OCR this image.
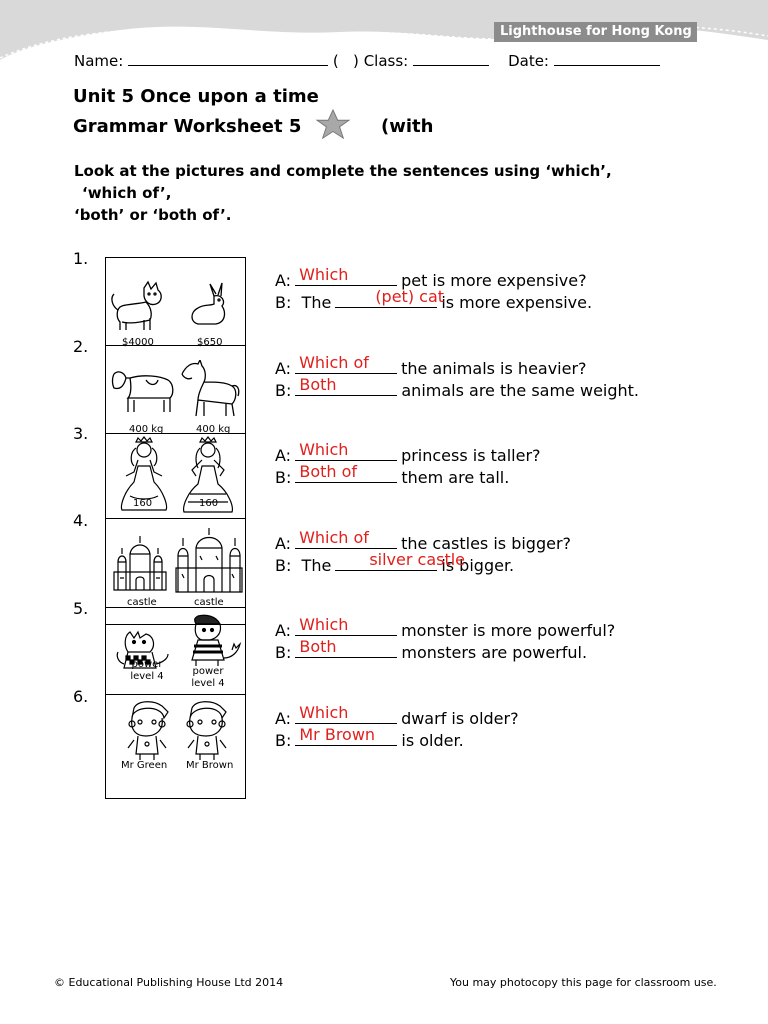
Lighthouse for Hong Kong
Name:	( ) Class:	Date:
Unit 5 Once upon a time
Grammar Worksheet 5	(with
Look at the pictures and complete the sentences using ‘which’,
‘which of’,
‘both’ or ‘both of’.
$4000	$650
400 kg	400 kg
160	160
castle	castle
power level 4	power level 4
Mr Green Mr Brown
1.
2.
3.
4.
5.
6.
A: Which	pet is more expensive?
B: The	(pet) cat
is more expensive.
A: Which of the animals is heavier?
B: Both	animals are the same weight.
A: Which	princess is taller?
B: Both of	them are tall.
A: Which of the castles is bigger?
B: The silver castle
is bigger.
A: Which	monster is more powerful?
B: Both	monsters are powerful.
A: Which	dwarf is older?
B: Mr Brown is older.
© Educational Publishing House Ltd 2014	You may photocopy this page for classroom use.
